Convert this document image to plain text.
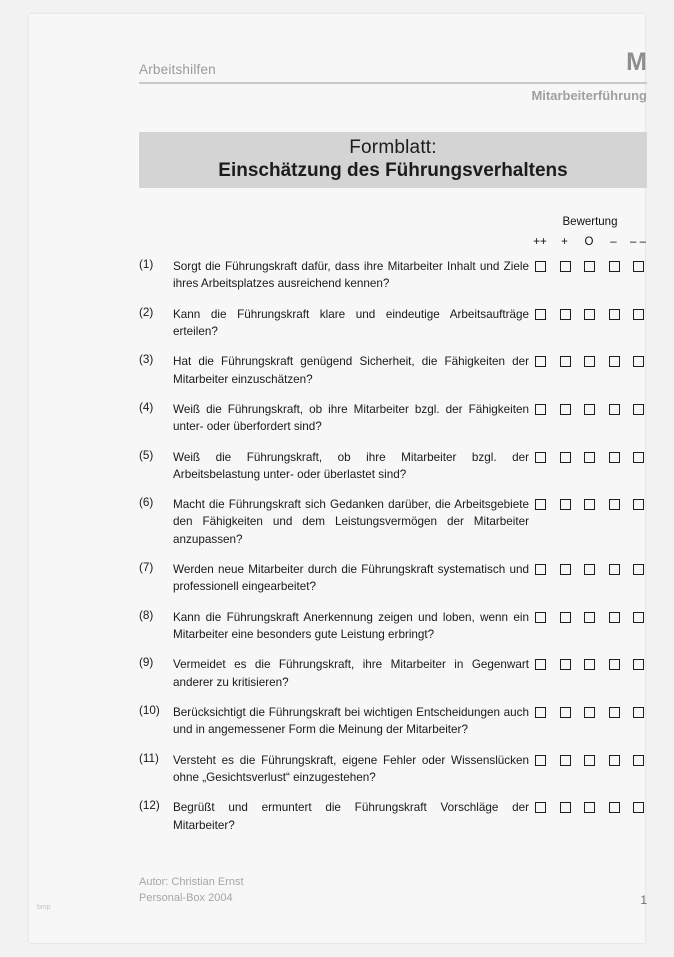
Arbeitshilfen	M
Mitarbeiterführung
Formblatt:
Einschätzung des Führungsverhaltens
Bewertung
++	+	O	–	– –
(1)	Sorgt die Führungskraft dafür, dass ihre Mitarbeiter Inhalt und Ziele ihres Arbeitsplatzes ausreichend kennen?
(2)	Kann die Führungskraft klare und eindeutige Arbeitsaufträge erteilen?
(3)	Hat die Führungskraft genügend Sicherheit, die Fähigkeiten der Mitarbeiter einzuschätzen?
(4)	Weiß die Führungskraft, ob ihre Mitarbeiter bzgl. der Fähigkeiten unter- oder überfordert sind?
(5)	Weiß die Führungskraft, ob ihre Mitarbeiter bzgl. der Arbeitsbelastung unter- oder überlastet sind?
(6)	Macht die Führungskraft sich Gedanken darüber, die Arbeitsgebiete den Fähigkeiten und dem Leistungsvermögen der Mitarbeiter anzupassen?
(7)	Werden neue Mitarbeiter durch die Führungskraft systematisch und professionell eingearbeitet?
(8)	Kann die Führungskraft Anerkennung zeigen und loben, wenn ein Mitarbeiter eine besonders gute Leistung erbringt?
(9)	Vermeidet es die Führungskraft, ihre Mitarbeiter in Gegenwart anderer zu kritisieren?
(10)	Berücksichtigt die Führungskraft bei wichtigen Entscheidungen auch und in angemessener Form die Meinung der Mitarbeiter?
(11)	Versteht es die Führungskraft, eigene Fehler oder Wissenslücken ohne „Gesichtsverlust“ einzugestehen?
(12)	Begrüßt und ermuntert die Führungskraft Vorschläge der Mitarbeiter?
Autor: Christian Ernst
Personal-Box 2004	1
bmp
